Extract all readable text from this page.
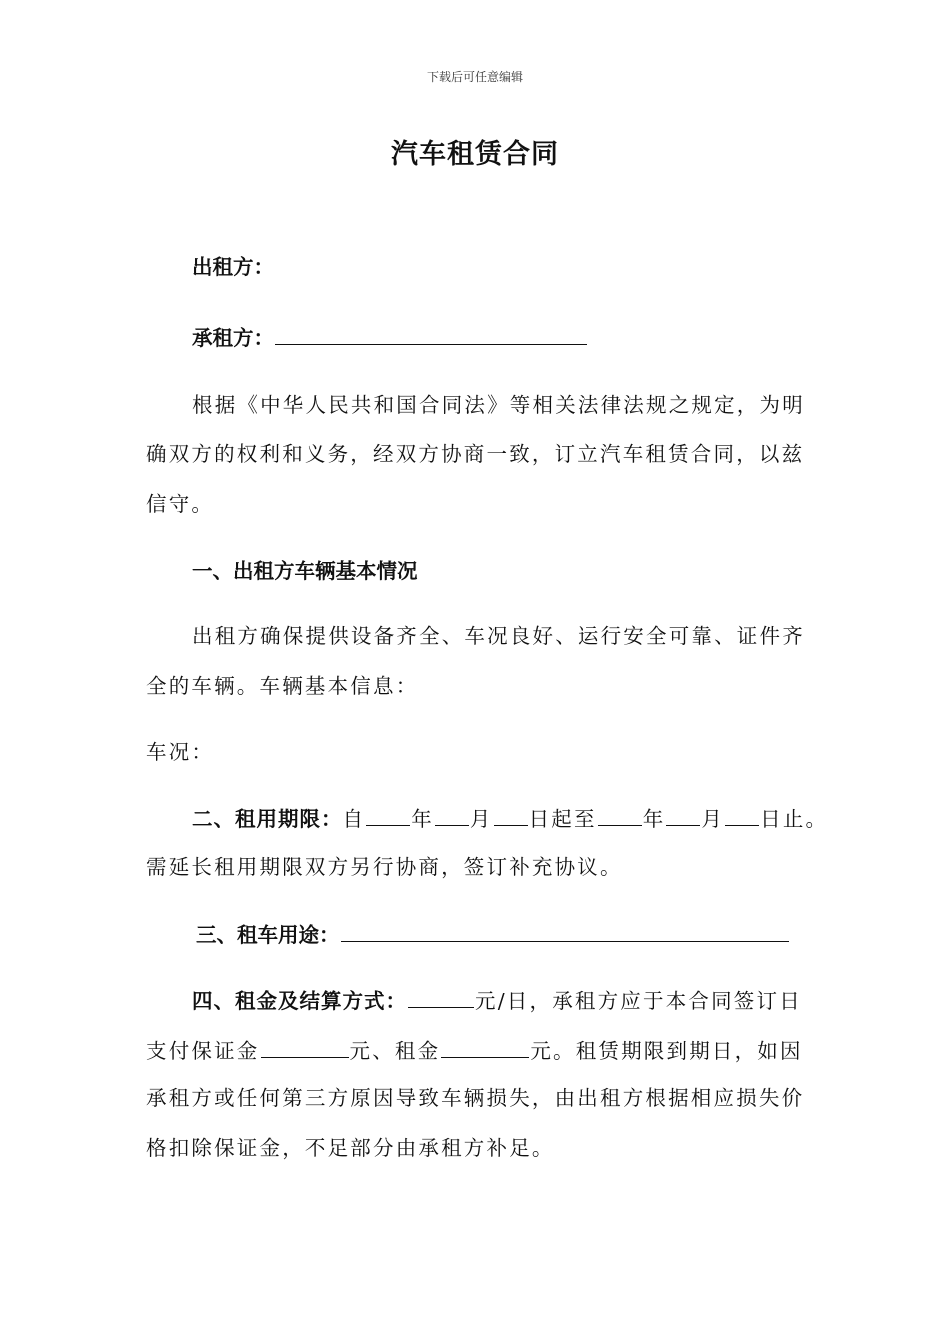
下载后可任意编辑
汽车租赁合同
出租方：
承租方：
根据《中华人民共和国合同法》等相关法律法规之规定，为明
确双方的权利和义务，经双方协商一致，订立汽车租赁合同，以兹
信守。
一、出租方车辆基本情况
出租方确保提供设备齐全、车况良好、运行安全可靠、证件齐
全的车辆。车辆基本信息：
车况：
二、租用期限：自 年 月 日起至 年 月 日止。
需延长租用期限双方另行协商，签订补充协议。
三、租车用途：
四、租金及结算方式：	元/日，承租方应于本合同签订日
支付保证金	元、租金	元。租赁期限到期日，如因
承租方或任何第三方原因导致车辆损失，由出租方根据相应损失价
格扣除保证金，不足部分由承租方补足。
